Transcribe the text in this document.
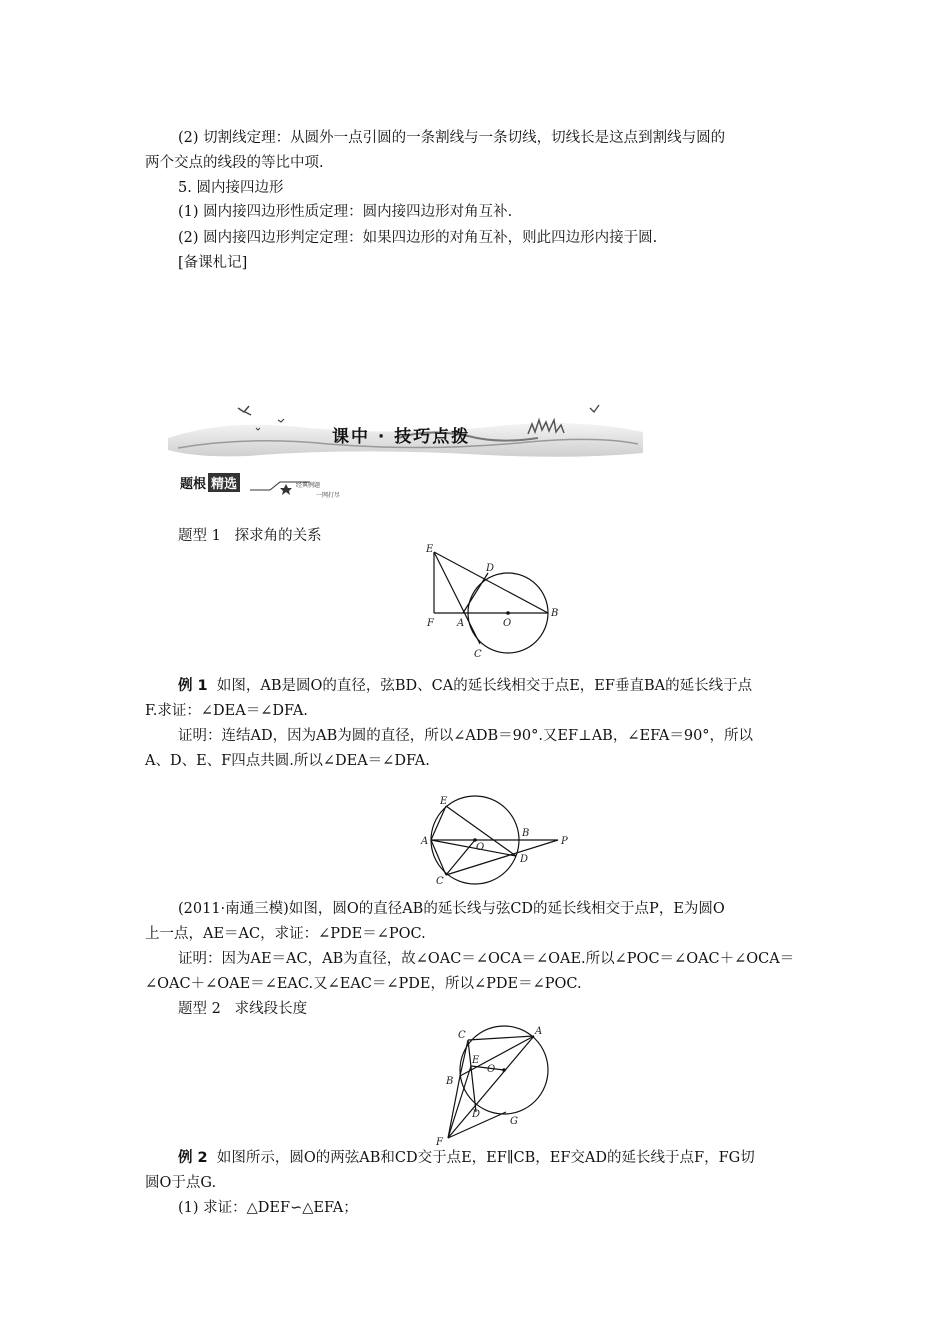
(2) 切割线定理：从圆外一点引圆的一条割线与一条切线，切线长是这点到割线与圆的
两个交点的线段的等比中项.
5. 圆内接四边形
(1) 圆内接四边形性质定理：圆内接四边形对角互补.
(2) 圆内接四边形判定定理：如果四边形的对角互补，则此四边形内接于圆.
[备课札记]
课中 · 技巧点拨
题根 精选	经典例题
一网打尽
题型 1 探求角的关系
E
D
B
F A	O
C
例 1 如图，AB是圆O的直径，弦BD、CA的延长线相交于点E，EF垂直BA的延长线于点
F.求证：∠DEA＝∠DFA.
证明：连结AD，因为AB为圆的直径，所以∠ADB＝90°.又EF⊥AB，∠EFA＝90°，所以
A、D、E、F四点共圆.所以∠DEA＝∠DFA.
E
B
P
A
O
D
C
(2011·南通三模)如图，圆O的直径AB的延长线与弦CD的延长线相交于点P，E为圆O
上一点，AE＝AC，求证：∠PDE＝∠POC.
证明：因为AE＝AC，AB为直径，故∠OAC＝∠OCA＝∠OAE.所以∠POC＝∠OAC＋∠OCA＝
∠OAC＋∠OAE＝∠EAC.又∠EAC＝∠PDE，所以∠PDE＝∠POC.
题型 2 求线段长度
C	A
E
O
B
D
G
F
例 2 如图所示，圆O的两弦AB和CD交于点E，EF∥CB，EF交AD的延长线于点F，FG切
圆O于点G.
(1) 求证：△DEF∽△EFA；
